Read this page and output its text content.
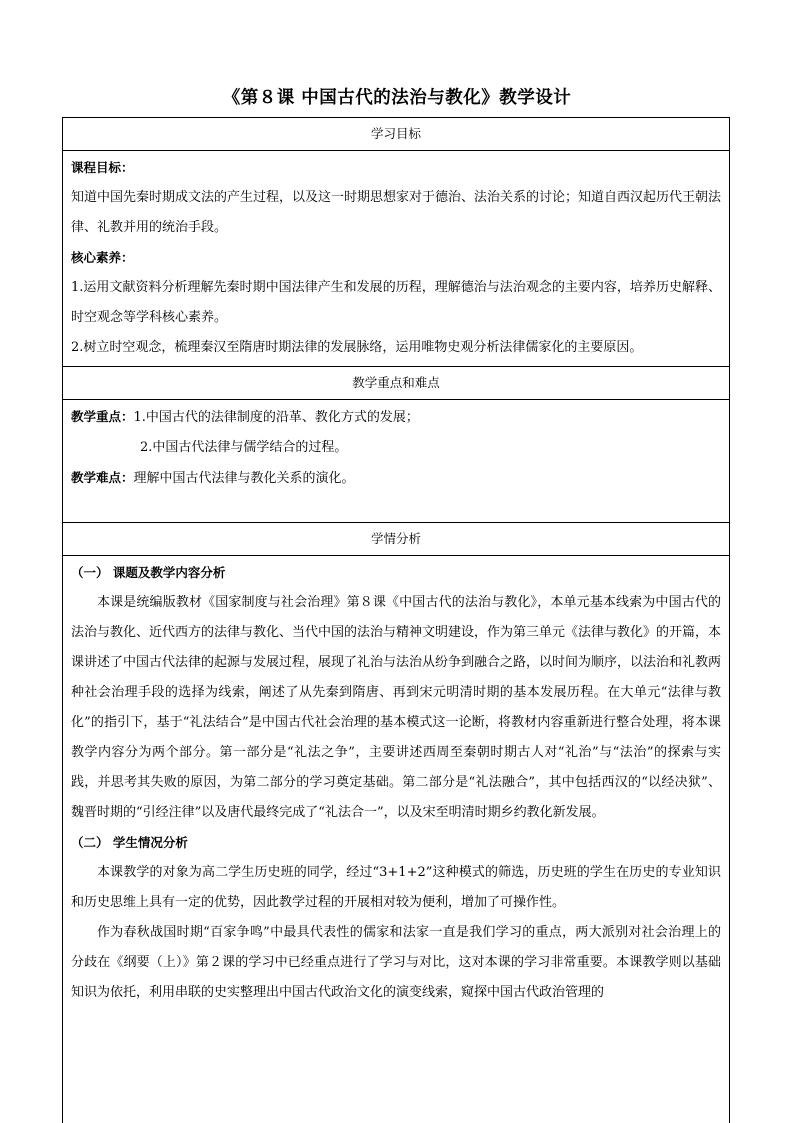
《第８课 中国古代的法治与教化》教学设计
学习目标
课程目标：
知道中国先秦时期成文法的产生过程，以及这一时期思想家对于德治、法治关系的讨论；知道自西汉起历代王朝法律、礼教并用的统治手段。
核心素养：
1.运用文献资料分析理解先秦时期中国法律产生和发展的历程，理解德治与法治观念的主要内容，培养历史解释、时空观念等学科核心素养。
2.树立时空观念，梳理秦汉至隋唐时期法律的发展脉络，运用唯物史观分析法律儒家化的主要原因。
教学重点和难点
教学重点：1.中国古代的法律制度的沿革、教化方式的发展；
2.中国古代法律与儒学结合的过程。
教学难点：理解中国古代法律与教化关系的演化。
学情分析
（一） 课题及教学内容分析
本课是统编版教材《国家制度与社会治理》第８课《中国古代的法治与教化》，本单元基本线索为中国古代的法治与教化、近代西方的法律与教化、当代中国的法治与精神文明建设，作为第三单元《法律与教化》的开篇，本课讲述了中国古代法律的起源与发展过程，展现了礼治与法治从纷争到融合之路，以时间为顺序，以法治和礼教两种社会治理手段的选择为线索，阐述了从先秦到隋唐、再到宋元明清时期的基本发展历程。在大单元“法律与教化”的指引下，基于“礼法结合”是中国古代社会治理的基本模式这一论断，将教材内容重新进行整合处理，将本课教学内容分为两个部分。第一部分是“礼法之争”，主要讲述西周至秦朝时期古人对“礼治”与“法治”的探索与实践，并思考其失败的原因，为第二部分的学习奠定基础。第二部分是“礼法融合”，其中包括西汉的“以经决狱”、魏晋时期的“引经注律”以及唐代最终完成了“礼法合一”，以及宋至明清时期乡约教化新发展。
（二） 学生情况分析
本课教学的对象为高二学生历史班的同学，经过“3+1+2”这种模式的筛选，历史班的学生在历史的专业知识和历史思维上具有一定的优势，因此教学过程的开展相对较为便利，增加了可操作性。
作为春秋战国时期“百家争鸣”中最具代表性的儒家和法家一直是我们学习的重点，两大派别对社会治理上的分歧在《纲要（上）》第２课的学习中已经重点进行了学习与对比，这对本课的学习非常重要。本课教学则以基础知识为依托，利用串联的史实整理出中国古代政治文化的演变线索，窥探中国古代政治管理的
